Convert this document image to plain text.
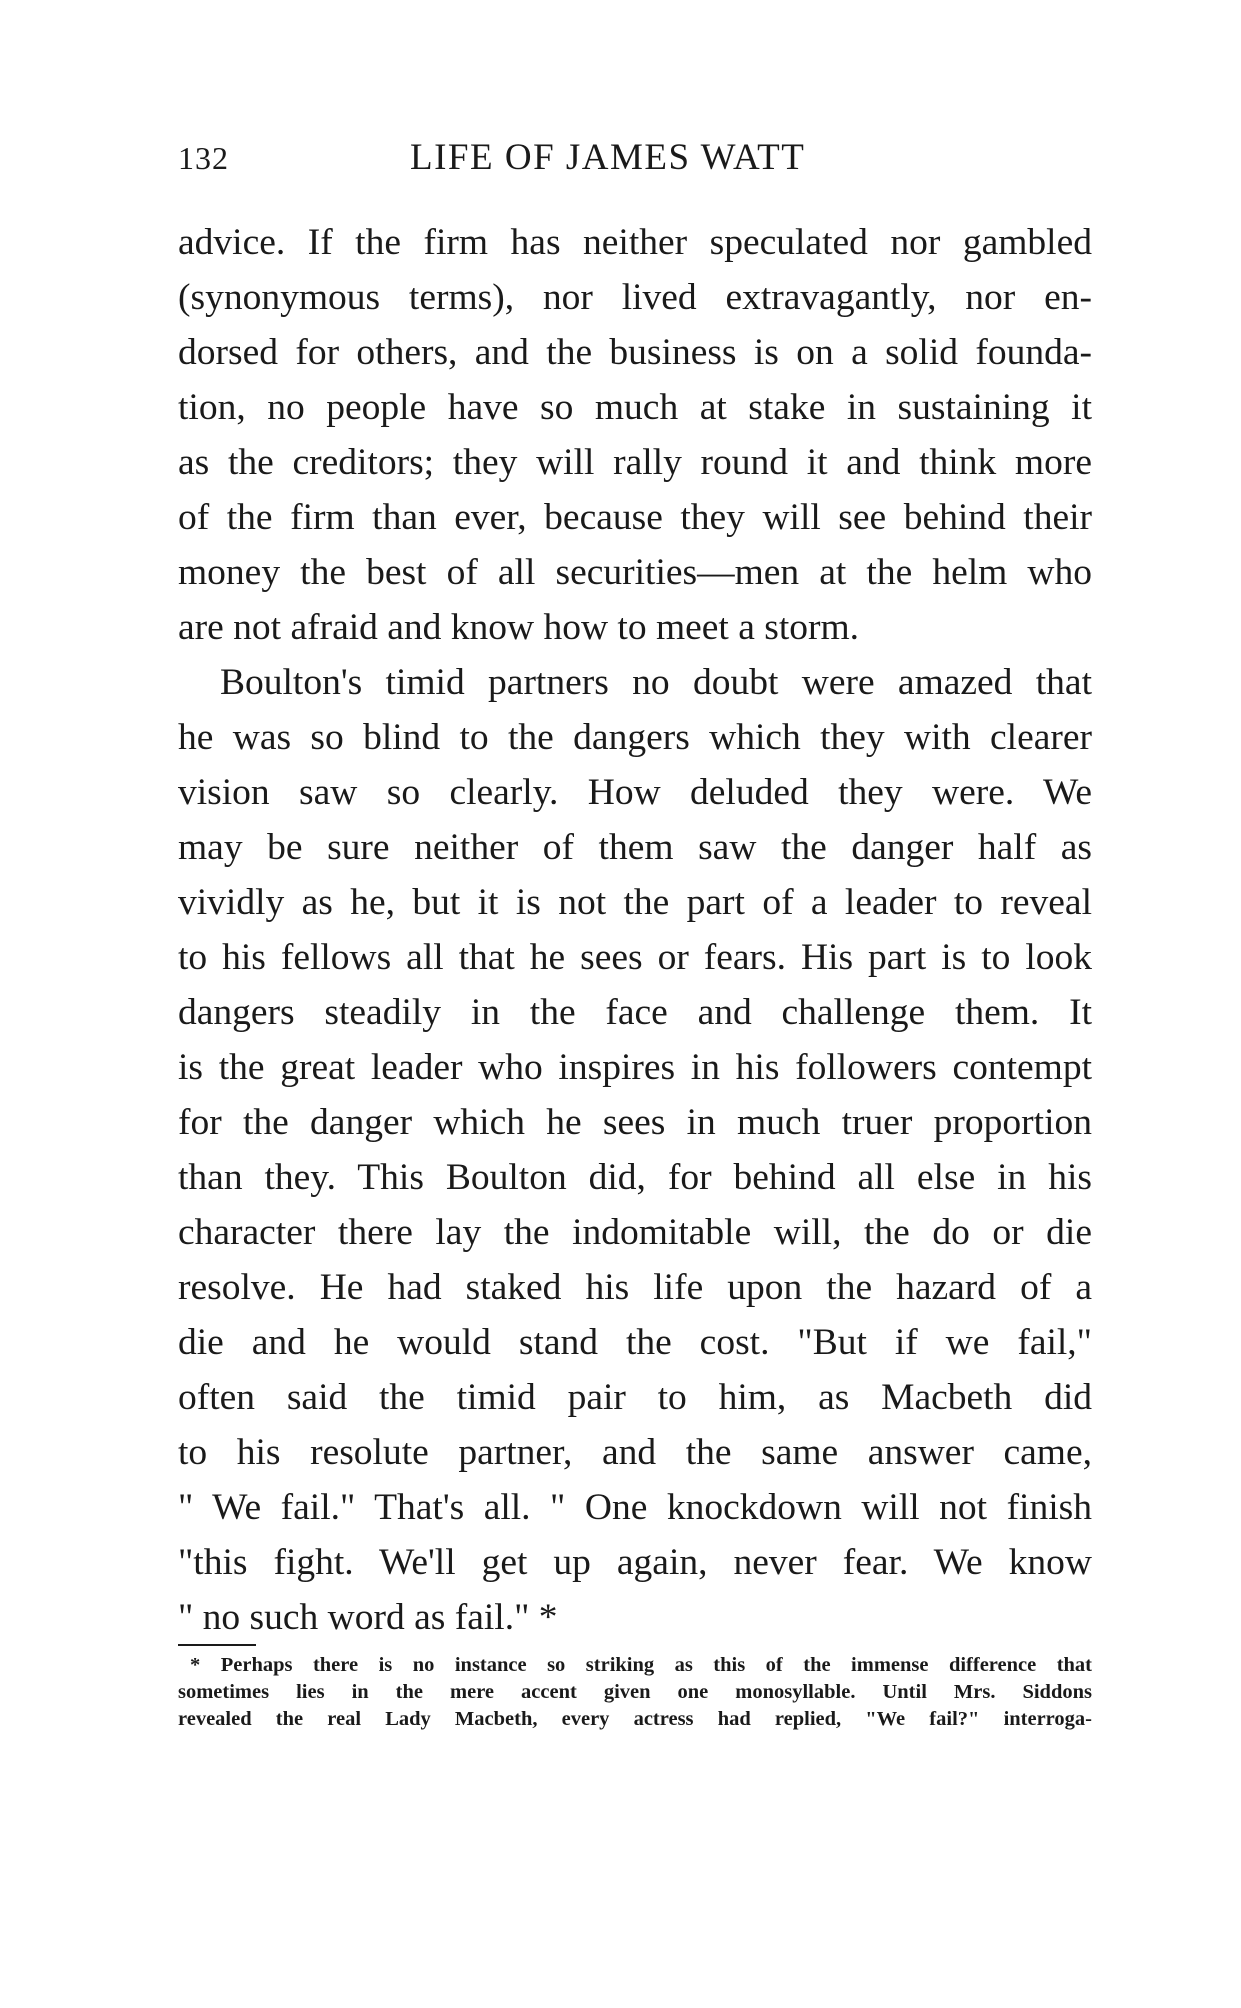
132	LIFE OF JAMES WATT
advice. If the firm has neither speculated nor gambled
(synonymous terms), nor lived extravagantly, nor en-
dorsed for others, and the business is on a solid founda-
tion, no people have so much at stake in sustaining it
as the creditors; they will rally round it and think more
of the firm than ever, because they will see behind their
money the best of all securities—men at the helm who
are not afraid and know how to meet a storm.
Boulton's timid partners no doubt were amazed that
he was so blind to the dangers which they with clearer
vision saw so clearly. How deluded they were. We
may be sure neither of them saw the danger half as
vividly as he, but it is not the part of a leader to reveal
to his fellows all that he sees or fears. His part is to look
dangers steadily in the face and challenge them. It
is the great leader who inspires in his followers contempt
for the danger which he sees in much truer proportion
than they. This Boulton did, for behind all else in his
character there lay the indomitable will, the do or die
resolve. He had staked his life upon the hazard of a
die and he would stand the cost. "But if we fail,"
often said the timid pair to him, as Macbeth did
to his resolute partner, and the same answer came,
" We fail." That's all. " One knockdown will not finish
"this fight. We'll get up again, never fear. We know
" no such word as fail." *
* Perhaps there is no instance so striking as this of the immense difference that
sometimes lies in the mere accent given one monosyllable. Until Mrs. Siddons
revealed the real Lady Macbeth, every actress had replied, "We fail?" interroga-
